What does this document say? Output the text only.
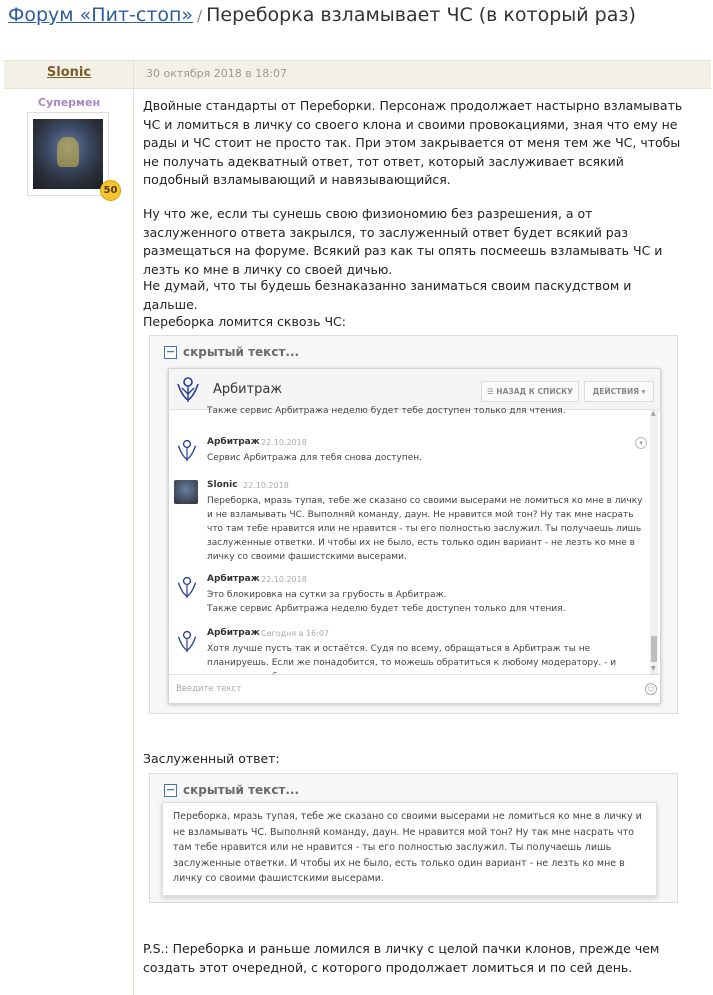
Форум «Пит-стоп» / Переборка взламывает ЧС (в который раз)
Slonic	30 октября 2018 в 18:07
Супермен
50
Двойные стандарты от Переборки. Персонаж продолжает настырно взламывать ЧС и ломиться в личку со своего клона и своими провокациями, зная что ему не рады и ЧС стоит не просто так. При этом закрывается от меня тем же ЧС, чтобы не получать адекватный ответ, тот ответ, который заслуживает всякий подобный взламывающий и навязывающийся.
Ну что же, если ты сунешь свою физиономию без разрешения, а от заслуженного ответа закрылся, то заслуженный ответ будет всякий раз размещаться на форуме. Всякий раз как ты опять посмеешь взламывать ЧС и лезть ко мне в личку со своей дичью.
Не думай, что ты будешь безнаказанно заниматься своим паскудством и дальше.
Переборка ломится сквозь ЧС:
− скрытый текст...
Арбитраж	☰ НАЗАД К СПИСКУ	ДЕЙСТВИЯ ▾
Также сервис Арбитража неделю будет тебе доступен только для чтения.
Арбитраж 22.10.2018
Сервис Арбитража для тебя снова доступен.
▾
Slonic 22.10.2018
Переборка, мразь тупая, тебе же сказано со своими высерами не ломиться ко мне в личку и не взламывать ЧС. Выполняй команду, даун. Не нравится мой тон? Ну так мне насрать что там тебе нравится или не нравится - ты его полностью заслужил. Ты получаешь лишь заслуженные ответки. И чтобы их не было, есть только один вариант - не лезть ко мне в личку со своими фашистскими высерами.
Арбитраж 22.10.2018
Это блокировка на сутки за грубость в Арбитраж.
Также сервис Арбитража неделю будет тебе доступен только для чтения.
Арбитраж Сегодня в 16:07
Хотя лучше пусть так и остаётся. Судя по всему, обращаться в Арбитраж ты не планируешь. Если же понадобится, то можешь обратиться к любому модератору. - и
▲
▼
Введите текст	☺
Заслуженный ответ:
− скрытый текст...
Переборка, мразь тупая, тебе же сказано со своими высерами не ломиться ко мне в личку и не взламывать ЧС. Выполняй команду, даун. Не нравится мой тон? Ну так мне насрать что там тебе нравится или не нравится - ты его полностью заслужил. Ты получаешь лишь заслуженные ответки. И чтобы их не было, есть только один вариант - не лезть ко мне в личку со своими фашистскими высерами.
P.S.: Переборка и раньше ломился в личку с целой пачки клонов, прежде чем создать этот очередной, с которого продолжает ломиться и по сей день.
